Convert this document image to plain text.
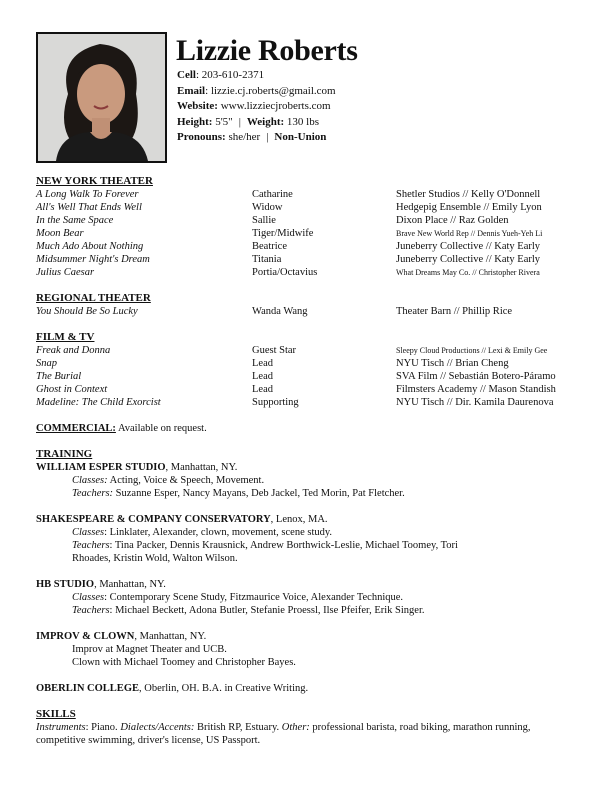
Lizzie Roberts
Cell: 203-610-2371
Email: lizzie.cj.roberts@gmail.com
Website: www.lizziecjroberts.com
Height: 5'5" | Weight: 130 lbs
Pronouns: she/her | Non-Union
NEW YORK THEATER
A Long Walk To Forever	Catharine	Shetler Studios // Kelly O'Donnell
All's Well That Ends Well	Widow	Hedgepig Ensemble // Emily Lyon
In the Same Space	Sallie	Dixon Place // Raz Golden
Moon Bear	Tiger/Midwife	Brave New World Rep // Dennis Yueh-Yeh Li
Much Ado About Nothing	Beatrice	Juneberry Collective // Katy Early
Midsummer Night's Dream	Titania	Juneberry Collective // Katy Early
Julius Caesar	Portia/Octavius	What Dreams May Co. // Christopher Rivera
REGIONAL THEATER
You Should Be So Lucky	Wanda Wang	Theater Barn // Phillip Rice
FILM & TV
Freak and Donna	Guest Star	Sleepy Cloud Productions // Lexi & Emily Gee
Snap	Lead	NYU Tisch // Brian Cheng
The Burial	Lead	SVA Film // Sebastián Botero-Páramo
Ghost in Context	Lead	Filmsters Academy // Mason Standish
Madeline: The Child Exorcist	Supporting	NYU Tisch // Dir. Kamila Daurenova
COMMERCIAL: Available on request.
TRAINING
WILLIAM ESPER STUDIO, Manhattan, NY.
Classes: Acting, Voice & Speech, Movement.
Teachers: Suzanne Esper, Nancy Mayans, Deb Jackel, Ted Morin, Pat Fletcher.
SHAKESPEARE & COMPANY CONSERVATORY, Lenox, MA.
Classes: Linklater, Alexander, clown, movement, scene study.
Teachers: Tina Packer, Dennis Krausnick, Andrew Borthwick-Leslie, Michael Toomey, Tori
Rhoades, Kristin Wold, Walton Wilson.
HB STUDIO, Manhattan, NY.
Classes: Contemporary Scene Study, Fitzmaurice Voice, Alexander Technique.
Teachers: Michael Beckett, Adona Butler, Stefanie Proessl, Ilse Pfeifer, Erik Singer.
IMPROV & CLOWN, Manhattan, NY.
Improv at Magnet Theater and UCB.
Clown with Michael Toomey and Christopher Bayes.
OBERLIN COLLEGE, Oberlin, OH. B.A. in Creative Writing.
SKILLS
Instruments: Piano. Dialects/Accents: British RP, Estuary. Other: professional barista, road biking, marathon running,
competitive swimming, driver's license, US Passport.
